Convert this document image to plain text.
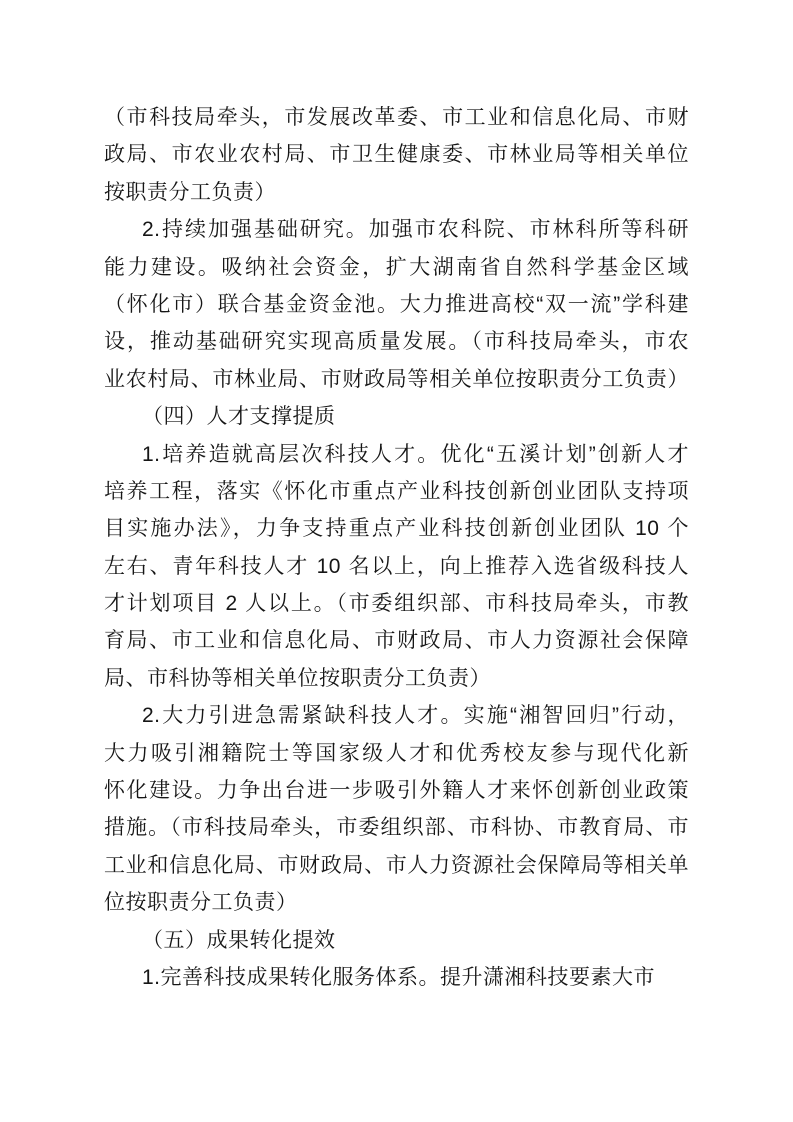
（市科技局牵头，市发展改革委、市工业和信息化局、市财
政局、市农业农村局、市卫生健康委、市林业局等相关单位
按职责分工负责）
2.持续加强基础研究。加强市农科院、市林科所等科研
能力建设。吸纳社会资金，扩大湖南省自然科学基金区域
（怀化市）联合基金资金池。大力推进高校“双一流”学科建
设，推动基础研究实现高质量发展。（市科技局牵头，市农
业农村局、市林业局、市财政局等相关单位按职责分工负责）
（四）人才支撑提质
1.培养造就高层次科技人才。优化“五溪计划”创新人才
培养工程，落实《怀化市重点产业科技创新创业团队支持项
目实施办法》，力争支持重点产业科技创新创业团队 10 个
左右、青年科技人才 10 名以上，向上推荐入选省级科技人
才计划项目 2 人以上。（市委组织部、市科技局牵头，市教
育局、市工业和信息化局、市财政局、市人力资源社会保障
局、市科协等相关单位按职责分工负责）
2.大力引进急需紧缺科技人才。实施“湘智回归”行动，
大力吸引湘籍院士等国家级人才和优秀校友参与现代化新
怀化建设。力争出台进一步吸引外籍人才来怀创新创业政策
措施。（市科技局牵头，市委组织部、市科协、市教育局、市
工业和信息化局、市财政局、市人力资源社会保障局等相关单
位按职责分工负责）
（五）成果转化提效
1.完善科技成果转化服务体系。提升潇湘科技要素大市
